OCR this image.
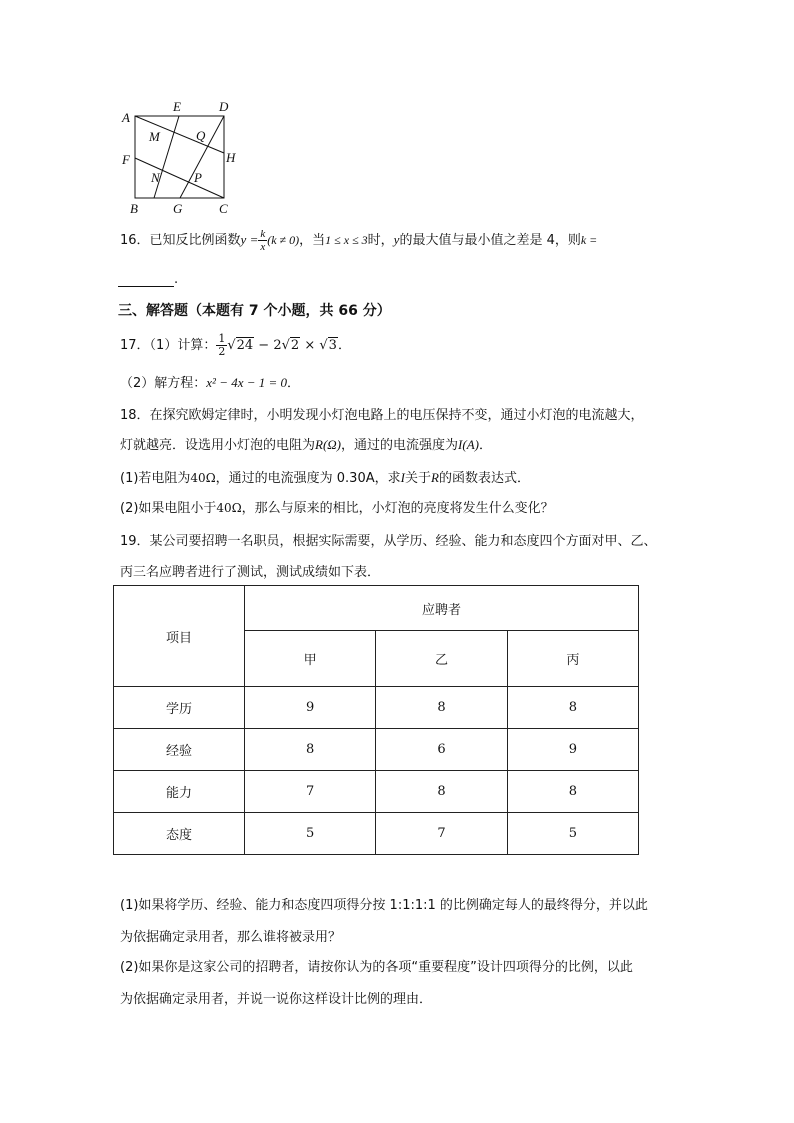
A
E	D
M	Q
F	H
N	P
B	G	C
16．已知反比例函数$y = \frac{k}{x} (k \ne 0)$，当1 ≤ x ≤ 3时，y的最大值与最小值之差是 4，则k =
.
三、解答题（本题有 7 个小题，共 66 分）
17．（1）计算： $\frac{1}{2} √24 - 2√2 \times √3$．
（2）解方程：x² − 4x − 1 = 0．
18．在探究欧姆定律时，小明发现小灯泡电路上的电压保持不变，通过小灯泡的电流越大，
灯就越亮．设选用小灯泡的电阻为R(Ω)，通过的电流强度为I(A)．
(1)若电阻为40Ω，通过的电流强度为 0.30A，求I关于R的函数表达式．
(2)如果电阻小于40Ω，那么与原来的相比，小灯泡的亮度将发生什么变化？
19．某公司要招聘一名职员，根据实际需要，从学历、经验、能力和态度四个方面对甲、乙、
丙三名应聘者进行了测试，测试成绩如下表．
项目	应聘者		
	甲	乙	丙
学历	9	8	8
经验	8	6	9
能力	7	8	8
态度	5	7	5
(1)如果将学历、经验、能力和态度四项得分按 1:1:1:1 的比例确定每人的最终得分，并以此
为依据确定录用者，那么谁将被录用？
(2)如果你是这家公司的招聘者，请按你认为的各项“重要程度”设计四项得分的比例，以此
为依据确定录用者，并说一说你这样设计比例的理由．
